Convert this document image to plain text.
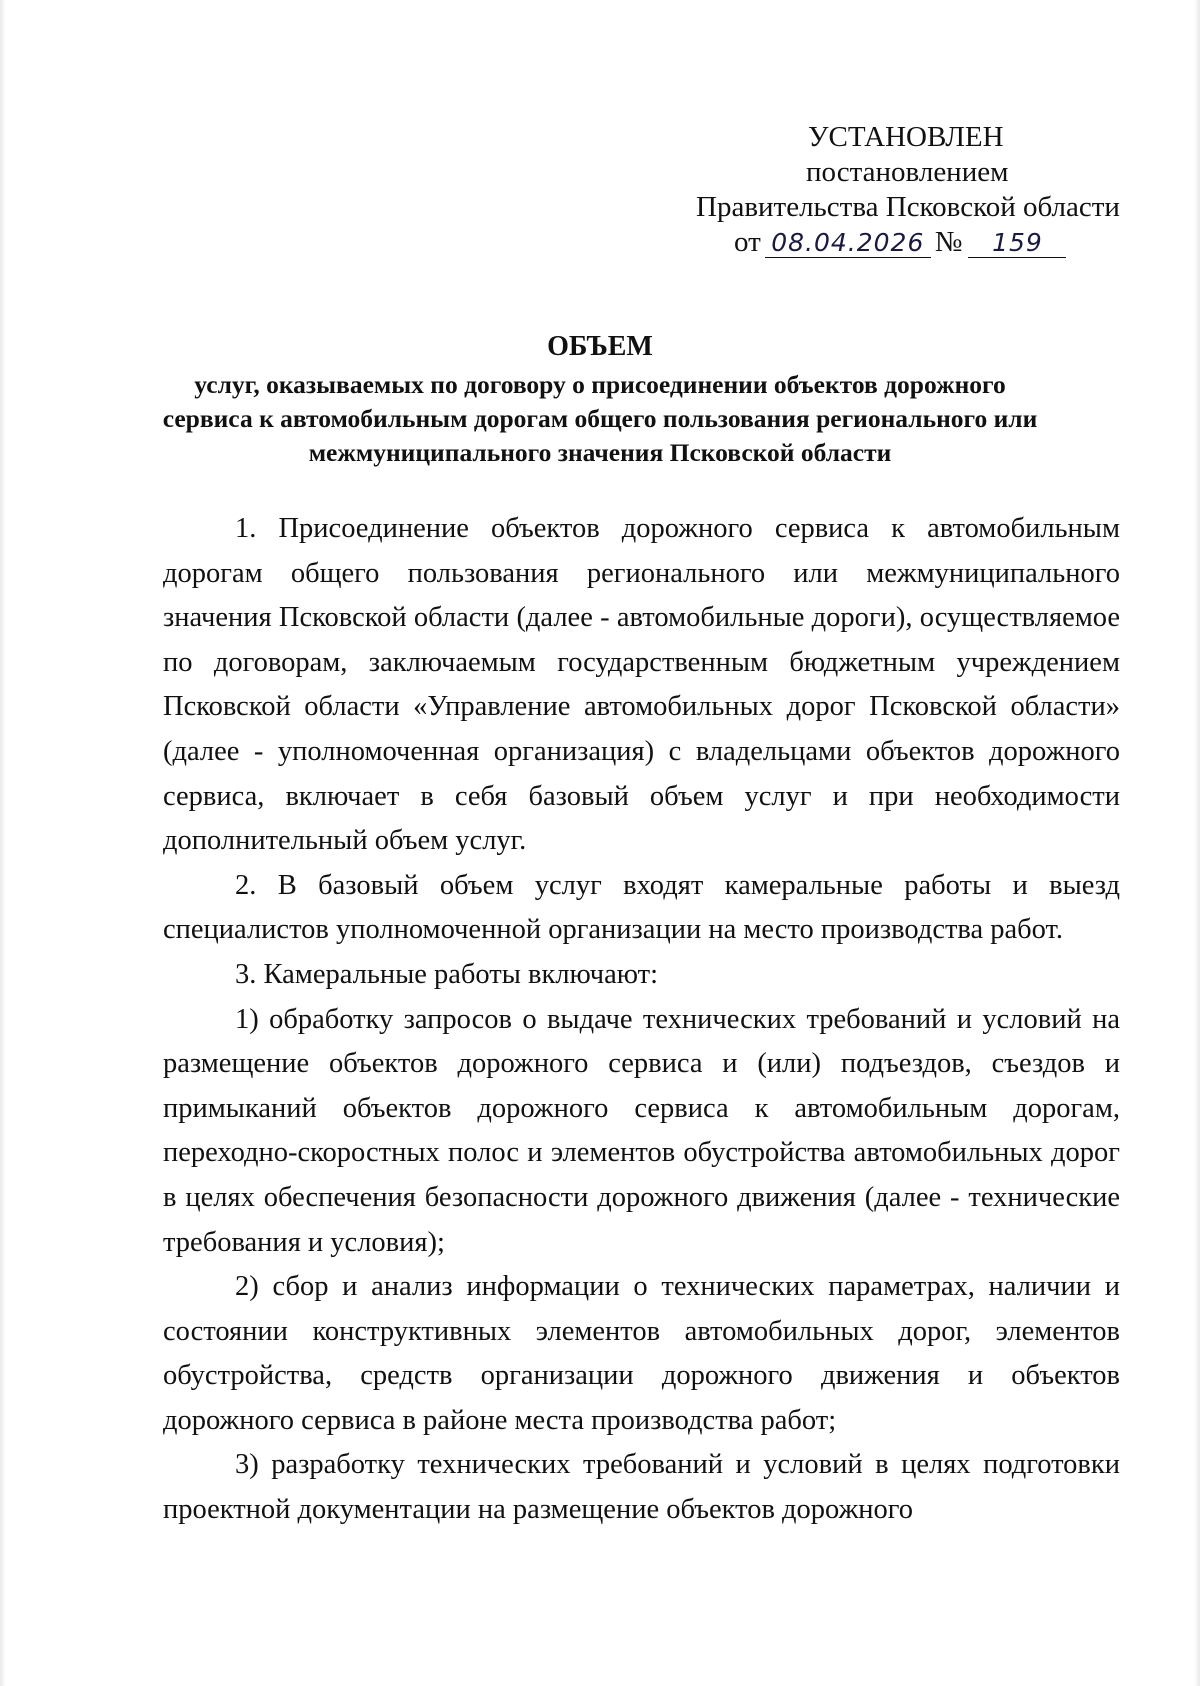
УСТАНОВЛЕН
постановлением
Правительства Псковской области
от 08.04.2026 № 159
ОБЪЕМ
услуг, оказываемых по договору о присоединении объектов дорожного сервиса к автомобильным дорогам общего пользования регионального или межмуниципального значения Псковской области

1. Присоединение объектов дорожного сервиса к автомобильным дорогам общего пользования регионального или межмуниципального значения Псковской области (далее - автомобильные дороги), осуществляемое по договорам, заключаемым государственным бюджетным учреждением Псковской области «Управление автомобильных дорог Псковской области» (далее - уполномоченная организация) с владельцами объектов дорожного сервиса, включает в себя базовый объем услуг и при необходимости дополнительный объем услуг.

2. В базовый объем услуг входят камеральные работы и выезд специалистов уполномоченной организации на место производства работ.

3. Камеральные работы включают:

1) обработку запросов о выдаче технических требований и условий на размещение объектов дорожного сервиса и (или) подъездов, съездов и примыканий объектов дорожного сервиса к автомобильным дорогам, переходно-скоростных полос и элементов обустройства автомобильных дорог в целях обеспечения безопасности дорожного движения (далее - технические требования и условия);

2) сбор и анализ информации о технических параметрах, наличии и состоянии конструктивных элементов автомобильных дорог, элементов обустройства, средств организации дорожного движения и объектов дорожного сервиса в районе места производства работ;

3) разработку технических требований и условий в целях подготовки проектной документации на размещение объектов дорожного
